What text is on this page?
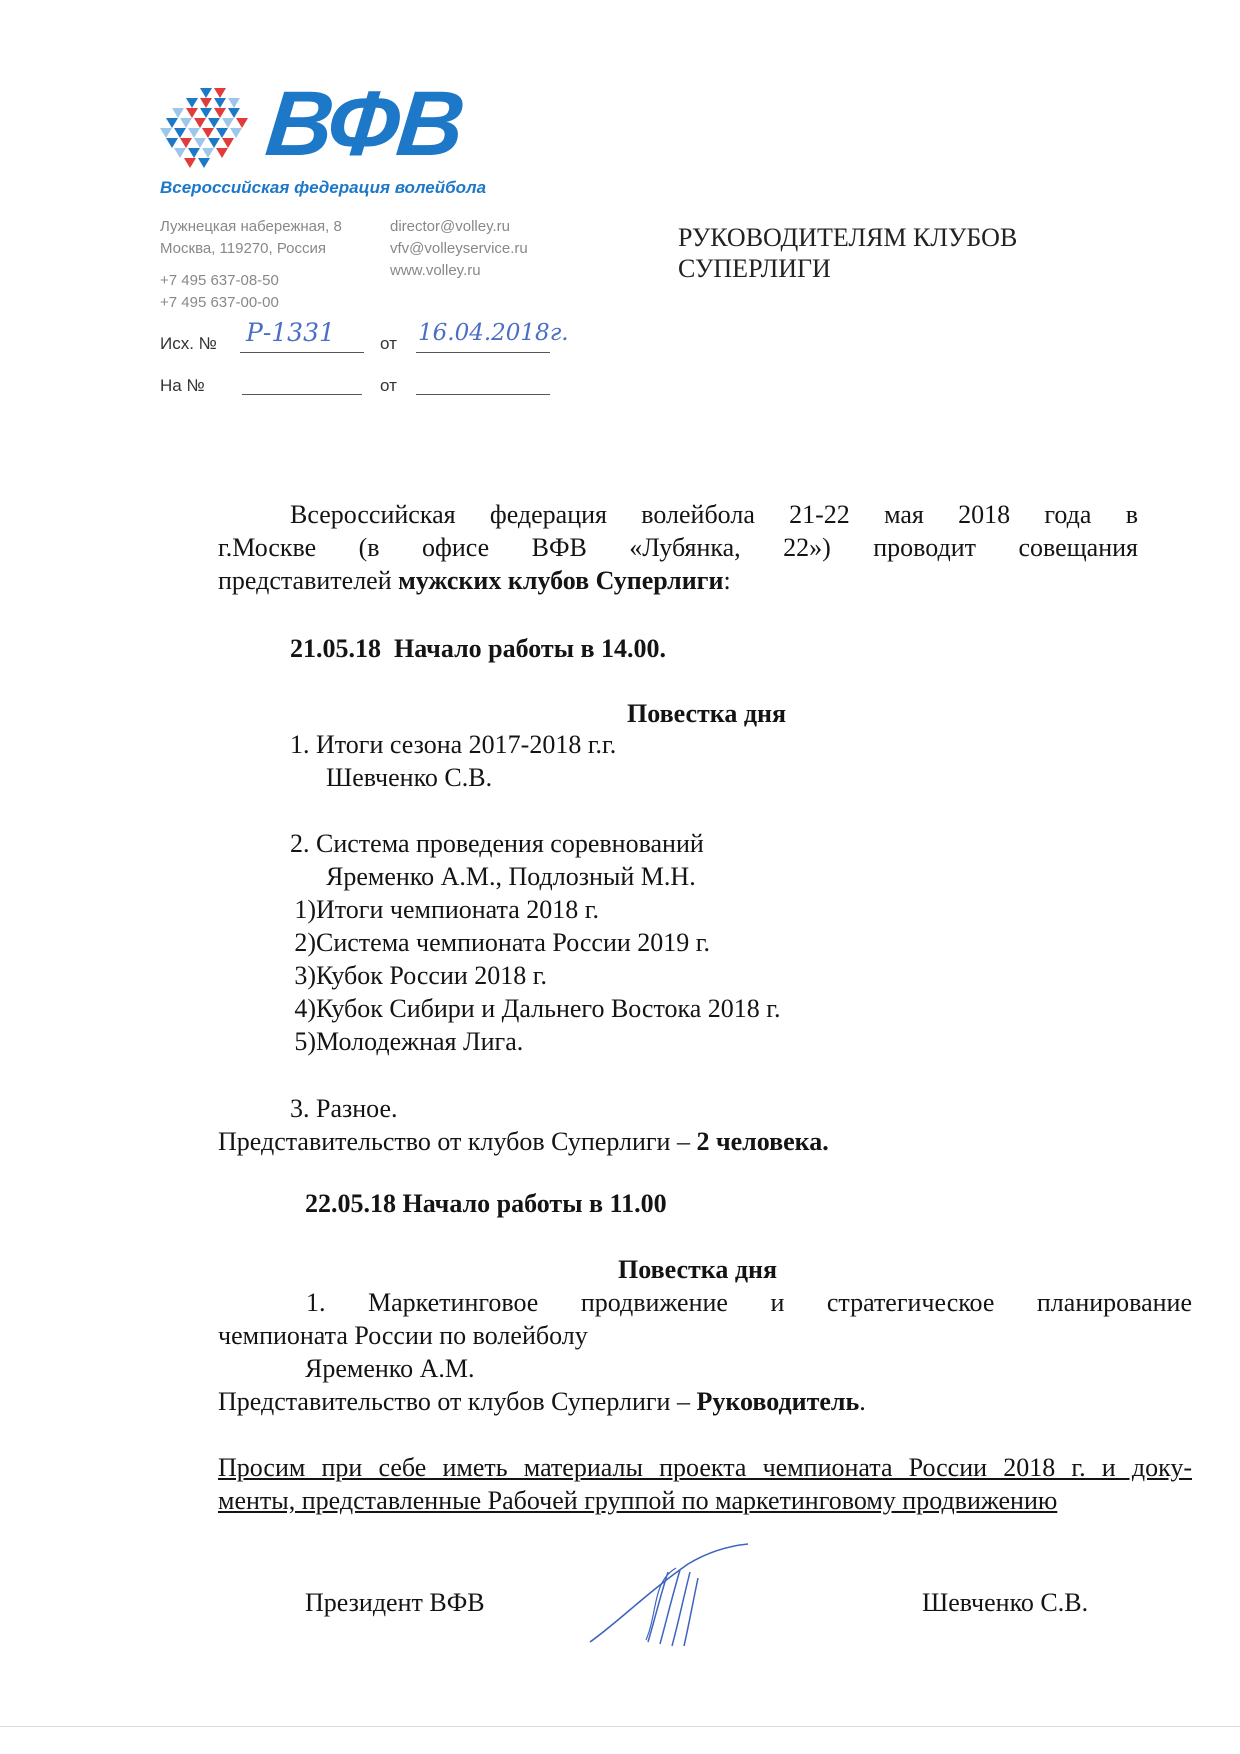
ВФВ
Всероссийская федерация волейбола
Лужнецкая набережная, 8
Москва, 119270, Россия
+7 495 637-08-50
+7 495 637-00-00
director@volley.ru
vfv@volleyservice.ru
www.volley.ru
Исх. № Р-1331	от 16.04.2018г.
На №	от
РУКОВОДИТЕЛЯМ КЛУБОВ
СУПЕРЛИГИ
Всероссийская федерация волейбола 21-22 мая 2018 года в
г.Москве (в офисе ВФВ «Лубянка, 22») проводит совещания
представителей мужских клубов Суперлиги:
21.05.18  Начало работы в 14.00.
Повестка дня
1. Итоги сезона 2017-2018 г.г.
Шевченко С.В.
2. Система проведения соревнований
Яременко А.М., Подлозный М.Н.
1) Итоги чемпионата 2018 г.
2) Система чемпионата России 2019 г.
3) Кубок России 2018 г.
4) Кубок Сибири и Дальнего Востока 2018 г.
5) Молодежная Лига.
3. Разное.
Представительство от клубов Суперлиги – 2 человека.
22.05.18 Начало работы в 11.00
Повестка дня
1. Маркетинговое продвижение и стратегическое планирование
чемпионата России по волейболу
Яременко А.М.
Представительство от клубов Суперлиги – Руководитель.
Просим при себе иметь материалы проекта чемпионата России 2018 г. и доку-
менты, представленные Рабочей группой по маркетинговому продвижению
Президент ВФВ	Шевченко С.В.
